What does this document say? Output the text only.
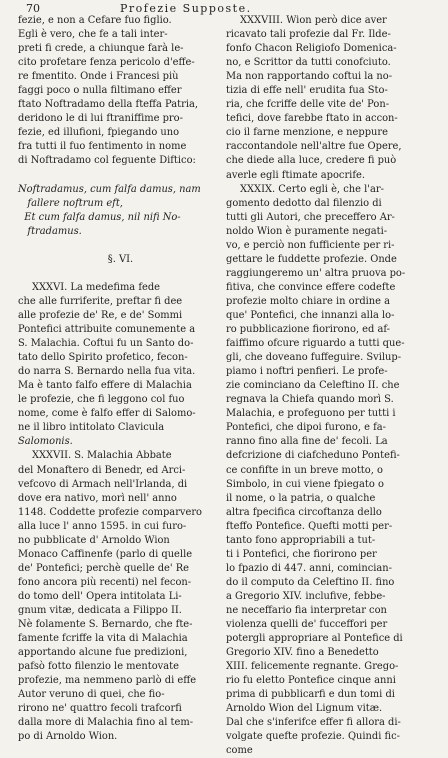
70	Profezie Supposte.
fezie, e non a Cefare fuo figlio.
Egli è vero, che fe a tali inter-
preti fi crede, a chiunque farà le-
cito profetare fenza pericolo d'effe-
re fmentito. Onde i Francesi più
faggi poco o nulla filtimano effer
ftato Noftradamo della fteffa Patria,
deridono le di lui ftraniffime pro-
fezie, ed illufioni, fpiegando uno
fra tutti il fuo fentimento in nome
di Noftradamo col feguente Diftico:

Noftradamus, cum falfa damus, nam
fallere noftrum eft,
Et cum falfa damus, nil nifi No-
ftradamus.

§. VI.

XXXVI. La medefima fede
che alle furriferite, preftar fi dee
alle profezie de' Re, e de' Sommi
Pontefici attribuite comunemente a
S. Malachia. Coftui fu un Santo do-
tato dello Spirito profetico, fecon-
do narra S. Bernardo nella fua vita.
Ma è tanto falfo effere di Malachia
le profezie, che fi leggono col fuo
nome, come è falfo effer di Salomo-
ne il libro intitolato Clavicula
Salomonis.
XXXVII. S. Malachia Abbate
del Monaftero di Benedr, ed Arci-
vefcovo di Armach nell'Irlanda, di
dove era nativo, morì nell' anno
1148. Coddette profezie comparvero
alla luce l' anno 1595. in cui furo-
no pubblicate d' Arnoldo Wion
Monaco Caffinenfe (parlo di quelle
de' Pontefici; perchè quelle de' Re
fono ancora più recenti) nel fecon-
do tomo dell' Opera intitolata Li-
gnum vitæ, dedicata a Filippo II.
Nè folamente S. Bernardo, che fte-
famente fcriffe la vita di Malachia
apportando alcune fue predizioni,
pafsò fotto filenzio le mentovate
profezie, ma nemmeno parlò di effe
Autor veruno di quei, che fio-
rirono ne' quattro fecoli trafcorfi
dalla more di Malachia fino al tem-
po di Arnoldo Wion.
XXXVIII. Wion però dice aver
ricavato tali profezie dal Fr. Ilde-
fonfo Chacon Religiofo Domenica-
no, e Scrittor da tutti conofciuto.
Ma non rapportando coftui la no-
tizia di effe nell' erudita fua Sto-
ria, che fcriffe delle vite de' Pon-
tefici, dove farebbe ftato in accon-
cio il farne menzione, e neppure
raccontandole nell'altre fue Opere,
che diede alla luce, credere fi può
averle egli ftimate apocrife.
XXXIX. Certo egli è, che l'ar-
gomento dedotto dal filenzio di
tutti gli Autori, che preceffero Ar-
noldo Wion è puramente negati-
vo, e perciò non fufficiente per ri-
gettare le fuddette profezie. Onde
raggiungeremo un' altra pruova po-
fitiva, che convince effere codefte
profezie molto chiare in ordine a
que' Pontefici, che innanzi alla lo-
ro pubblicazione fiorirono, ed af-
faiffimo ofcure riguardo a tutti que-
gli, che doveano fuffeguire. Svilup-
piamo i noftri penfieri. Le profe-
zie cominciano da Celeftino II. che
regnava la Chiefa quando morì S.
Malachia, e profeguono per tutti i
Pontefici, che dipoi furono, e fa-
ranno fino alla fine de' fecoli. La
defcrizione di ciafcheduno Pontefi-
ce confifte in un breve motto, o
Simbolo, in cui viene fpiegato o
il nome, o la patria, o qualche
altra fpecifica circoftanza dello
fteffo Pontefice. Quefti motti per-
tanto fono appropriabili a tut-
ti i Pontefici, che fiorirono per
lo fpazio di 447. anni, comincian-
do il computo da Celeftino II. fino
a Gregorio XIV. inclufive, febbe-
ne neceffario fia interpretar con
violenza quelli de' fucceffori per
potergli appropriare al Pontefice di
Gregorio XIV. fino a Benedetto
XIII. felicemente regnante. Grego-
rio fu eletto Pontefice cinque anni
prima di pubblicarfi e dun tomi di
Arnoldo Wion del Lignum vitæ.
Dal che s'inferifce effer fi allora di-
volgate quefte profezie. Quindi fic-
come
